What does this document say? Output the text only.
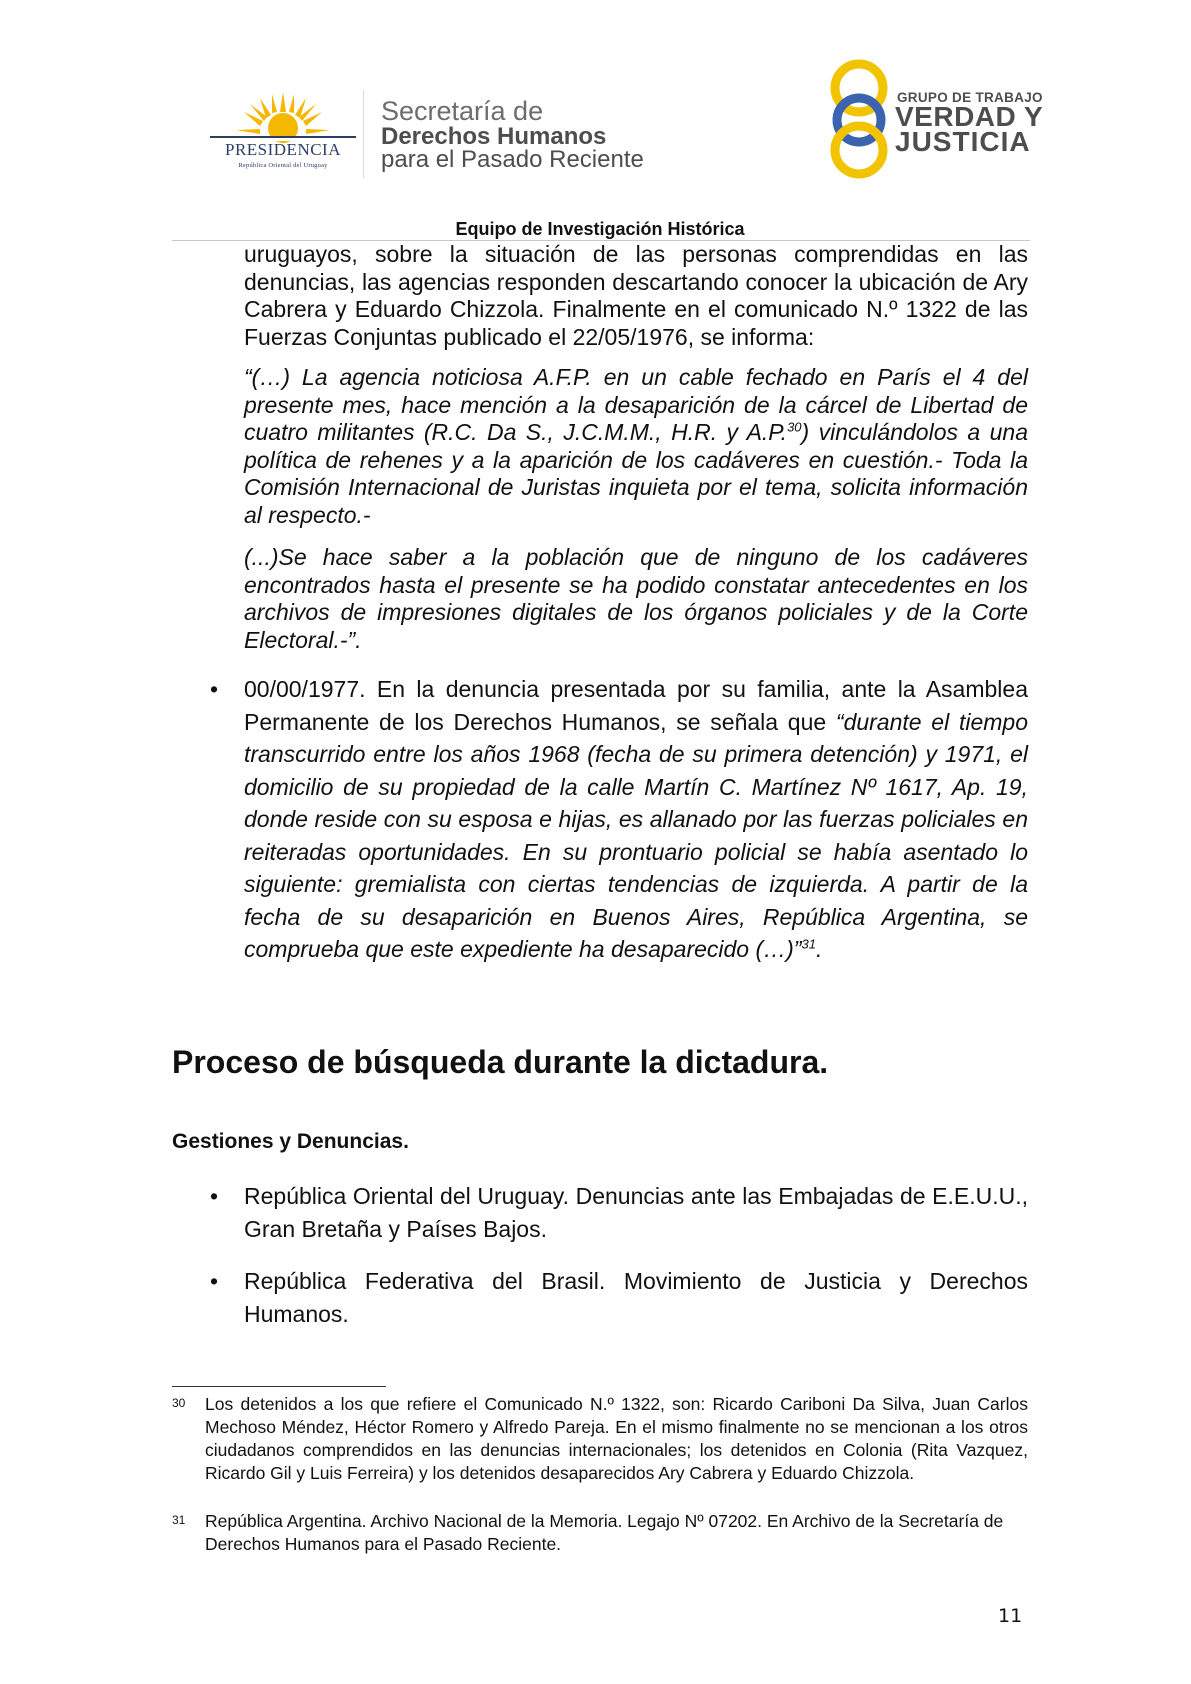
PRESIDENCIA
República Oriental del Uruguay
Secretaría de
Derechos Humanos
para el Pasado Reciente
GRUPO DE TRABAJO
VERDAD Y
JUSTICIA
Equipo de Investigación Histórica
uruguayos, sobre la situación de las personas comprendidas en las denuncias, las agencias responden descartando conocer la ubicación de Ary Cabrera y Eduardo Chizzola. Finalmente en el comunicado N.º 1322 de las Fuerzas Conjuntas publicado el 22/05/1976, se informa:
“(…) La agencia noticiosa A.F.P. en un cable fechado en París el 4 del presente mes, hace mención a la desaparición de la cárcel de Libertad de cuatro militantes (R.C. Da S., J.C.M.M., H.R. y A.P.$^{30}$) vinculándolos a una política de rehenes y a la aparición de los cadáveres en cuestión.- Toda la Comisión Internacional de Juristas inquieta por el tema, solicita información al respecto.-
(...)Se hace saber a la población que de ninguno de los cadáveres encontrados hasta el presente se ha podido constatar antecedentes en los archivos de impresiones digitales de los órganos policiales y de la Corte Electoral.-”.
• 00/00/1977. En la denuncia presentada por su familia, ante la Asamblea Permanente de los Derechos Humanos, se señala que “durante el tiempo transcurrido entre los años 1968 (fecha de su primera detención) y 1971, el domicilio de su propiedad de la calle Martín C. Martínez Nº 1617, Ap. 19, donde reside con su esposa e hijas, es allanado por las fuerzas policiales en reiteradas oportunidades. En su prontuario policial se había asentado lo siguiente: gremialista con ciertas tendencias de izquierda. A partir de la fecha de su desaparición en Buenos Aires, República Argentina, se comprueba que este expediente ha desaparecido (…)”$^{31}$.
Proceso de búsqueda durante la dictadura.
Gestiones y Denuncias.
• República Oriental del Uruguay. Denuncias ante las Embajadas de E.E.U.U., Gran Bretaña y Países Bajos.
• República Federativa del Brasil. Movimiento de Justicia y Derechos Humanos.
30 Los detenidos a los que refiere el Comunicado N.º 1322, son: Ricardo Cariboni Da Silva, Juan Carlos Mechoso Méndez, Héctor Romero y Alfredo Pareja. En el mismo finalmente no se mencionan a los otros ciudadanos comprendidos en las denuncias internacionales; los detenidos en Colonia (Rita Vazquez, Ricardo Gil y Luis Ferreira) y los detenidos desaparecidos Ary Cabrera y Eduardo Chizzola.
31 República Argentina. Archivo Nacional de la Memoria. Legajo Nº 07202. En Archivo de la Secretaría de Derechos Humanos para el Pasado Reciente.
11
